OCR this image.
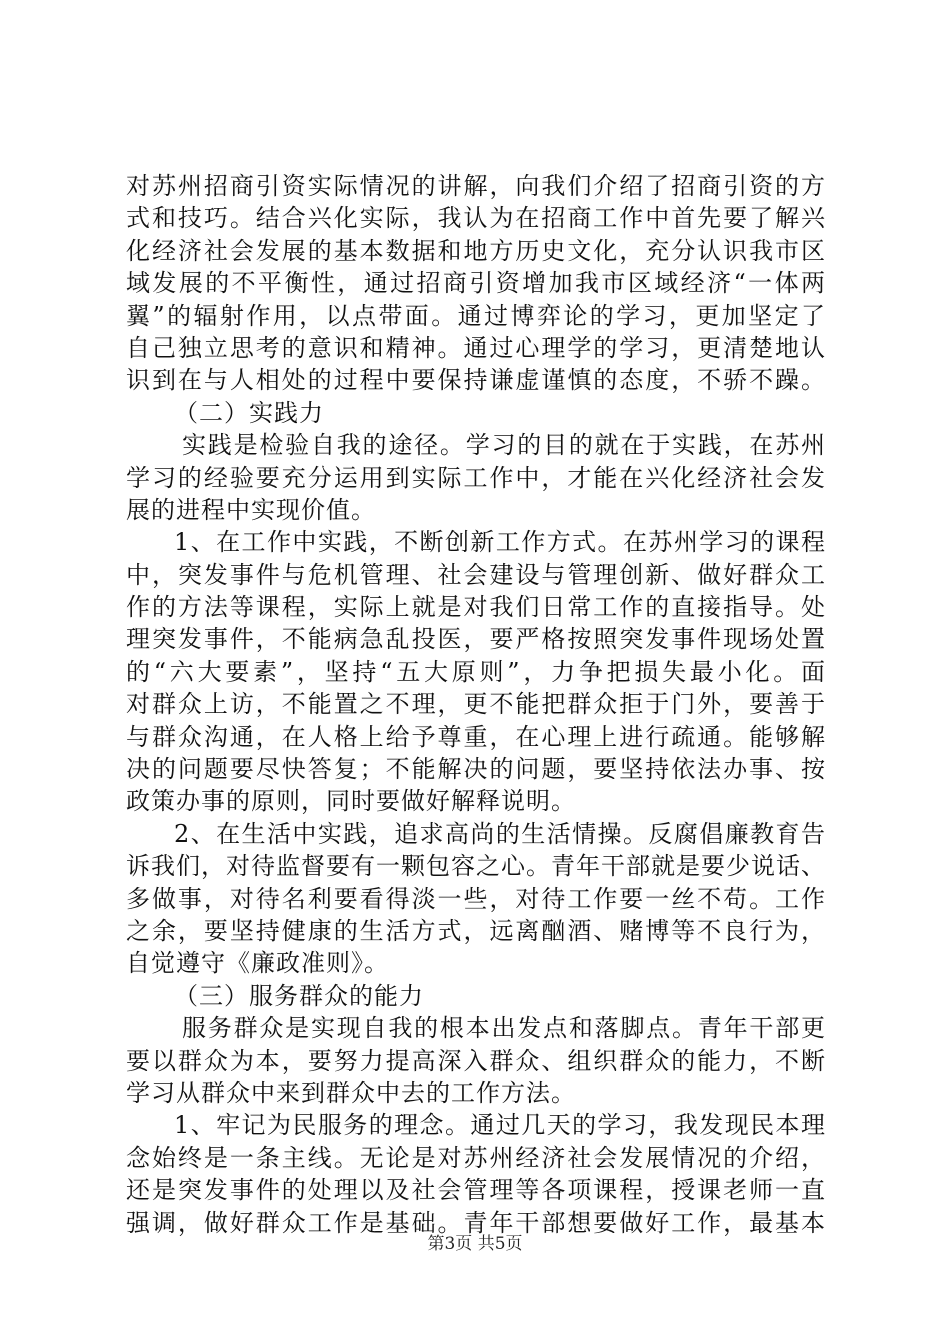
对苏州招商引资实际情况的讲解，向我们介绍了招商引资的方
式和技巧。结合兴化实际，我认为在招商工作中首先要了解兴
化经济社会发展的基本数据和地方历史文化，充分认识我市区
域发展的不平衡性，通过招商引资增加我市区域经济“一体两
翼”的辐射作用，以点带面。通过博弈论的学习，更加坚定了
自己独立思考的意识和精神。通过心理学的学习，更清楚地认
识到在与人相处的过程中要保持谦虚谨慎的态度，不骄不躁。
（二）实践力
实践是检验自我的途径。学习的目的就在于实践，在苏州
学习的经验要充分运用到实际工作中，才能在兴化经济社会发
展的进程中实现价值。
1、在工作中实践，不断创新工作方式。在苏州学习的课程
中，突发事件与危机管理、社会建设与管理创新、做好群众工
作的方法等课程，实际上就是对我们日常工作的直接指导。处
理突发事件，不能病急乱投医，要严格按照突发事件现场处置
的“六大要素”，坚持“五大原则”，力争把损失最小化。面
对群众上访，不能置之不理，更不能把群众拒于门外，要善于
与群众沟通，在人格上给予尊重，在心理上进行疏通。能够解
决的问题要尽快答复；不能解决的问题，要坚持依法办事、按
政策办事的原则，同时要做好解释说明。
2、在生活中实践，追求高尚的生活情操。反腐倡廉教育告
诉我们，对待监督要有一颗包容之心。青年干部就是要少说话、
多做事，对待名利要看得淡一些，对待工作要一丝不苟。工作
之余，要坚持健康的生活方式，远离酗酒、赌博等不良行为，
自觉遵守《廉政准则》。
（三）服务群众的能力
服务群众是实现自我的根本出发点和落脚点。青年干部更
要以群众为本，要努力提高深入群众、组织群众的能力，不断
学习从群众中来到群众中去的工作方法。
1、牢记为民服务的理念。通过几天的学习，我发现民本理
念始终是一条主线。无论是对苏州经济社会发展情况的介绍，
还是突发事件的处理以及社会管理等各项课程，授课老师一直
强调，做好群众工作是基础。青年干部想要做好工作，最基本
第3页 共5页
